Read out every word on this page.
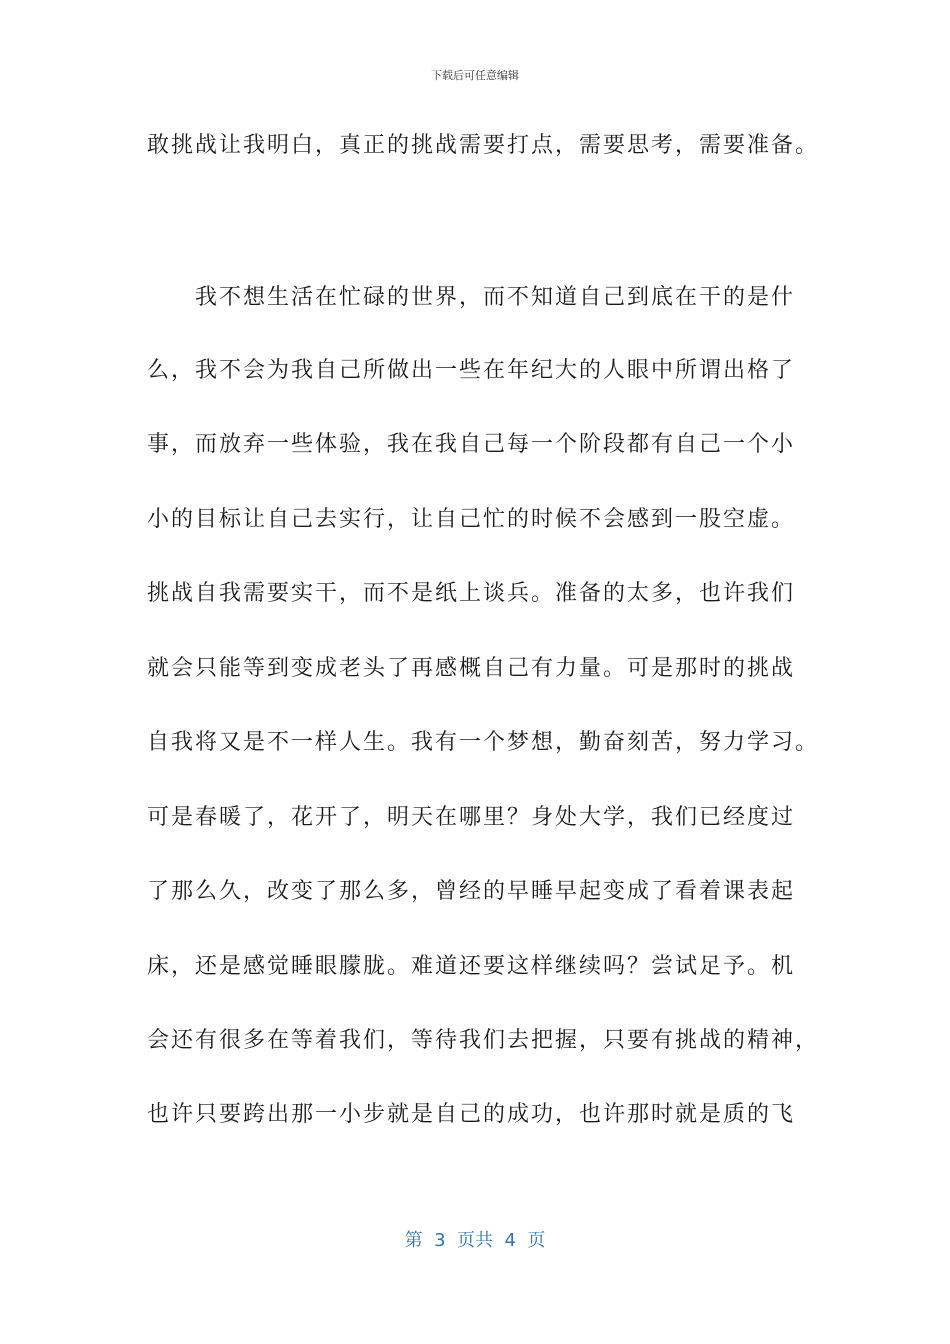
下载后可任意编辑
敢挑战让我明白，真正的挑战需要打点，需要思考，需要准备。
　　我不想生活在忙碌的世界，而不知道自己到底在干的是什
么，我不会为我自己所做出一些在年纪大的人眼中所谓出格了
事，而放弃一些体验，我在我自己每一个阶段都有自己一个小
小的目标让自己去实行，让自己忙的时候不会感到一股空虚。
挑战自我需要实干，而不是纸上谈兵。准备的太多，也许我们
就会只能等到变成老头了再感概自己有力量。可是那时的挑战
自我将又是不一样人生。我有一个梦想，勤奋刻苦，努力学习。
可是春暖了，花开了，明天在哪里？身处大学，我们已经度过
了那么久，改变了那么多，曾经的早睡早起变成了看着课表起
床，还是感觉睡眼朦胧。难道还要这样继续吗？尝试足予。机
会还有很多在等着我们，等待我们去把握，只要有挑战的精神，
也许只要跨出那一小步就是自己的成功，也许那时就是质的飞
第  3  页共  4  页
